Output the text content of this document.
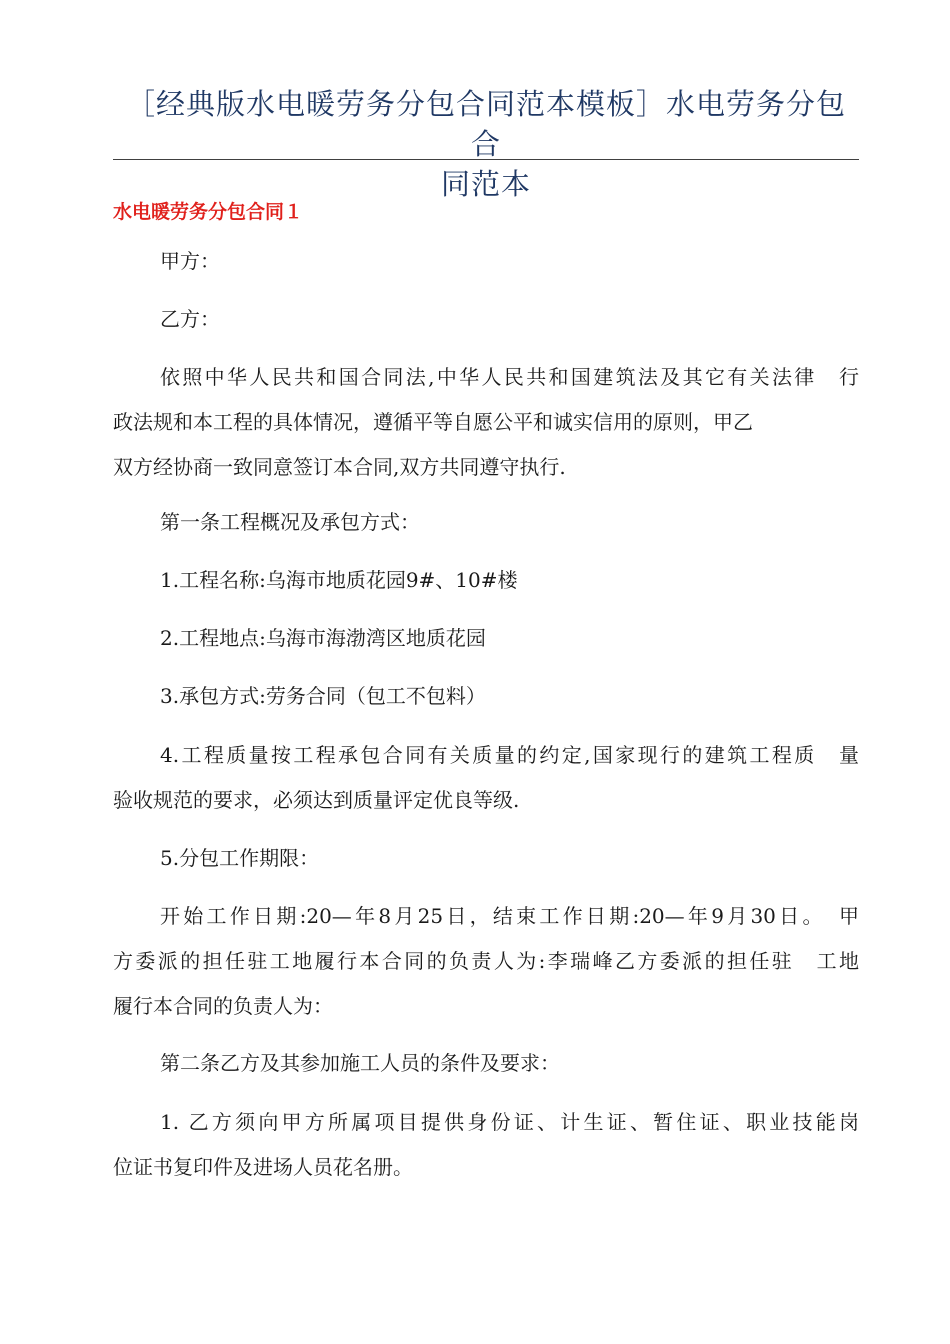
［经典版水电暖劳务分包合同范本模板］水电劳务分包合
同范本
水电暖劳务分包合同１
甲方：
乙方：
依照中华人民共和国合同法,中华人民共和国建筑法及其它有关法律　行
政法规和本工程的具体情况，遵循平等自愿公平和诚实信用的原则，甲乙
双方经协商一致同意签订本合同,双方共同遵守执行.
第一条工程概况及承包方式：
1.工程名称:乌海市地质花园9#、10#楼
2.工程地点:乌海市海渤湾区地质花园
3.承包方式:劳务合同（包工不包料）
4.工程质量按工程承包合同有关质量的约定,国家现行的建筑工程质　量
验收规范的要求，必须达到质量评定优良等级.
5.分包工作期限：
开始工作日期:20—年8月25日，结束工作日期:20—年9月30日。　甲
方委派的担任驻工地履行本合同的负责人为:李瑞峰乙方委派的担任驻　工地
履行本合同的负责人为：
第二条乙方及其参加施工人员的条件及要求：
1. 乙方须向甲方所属项目提供身份证、计生证、暂住证、职业技能岗
位证书复印件及进场人员花名册。
